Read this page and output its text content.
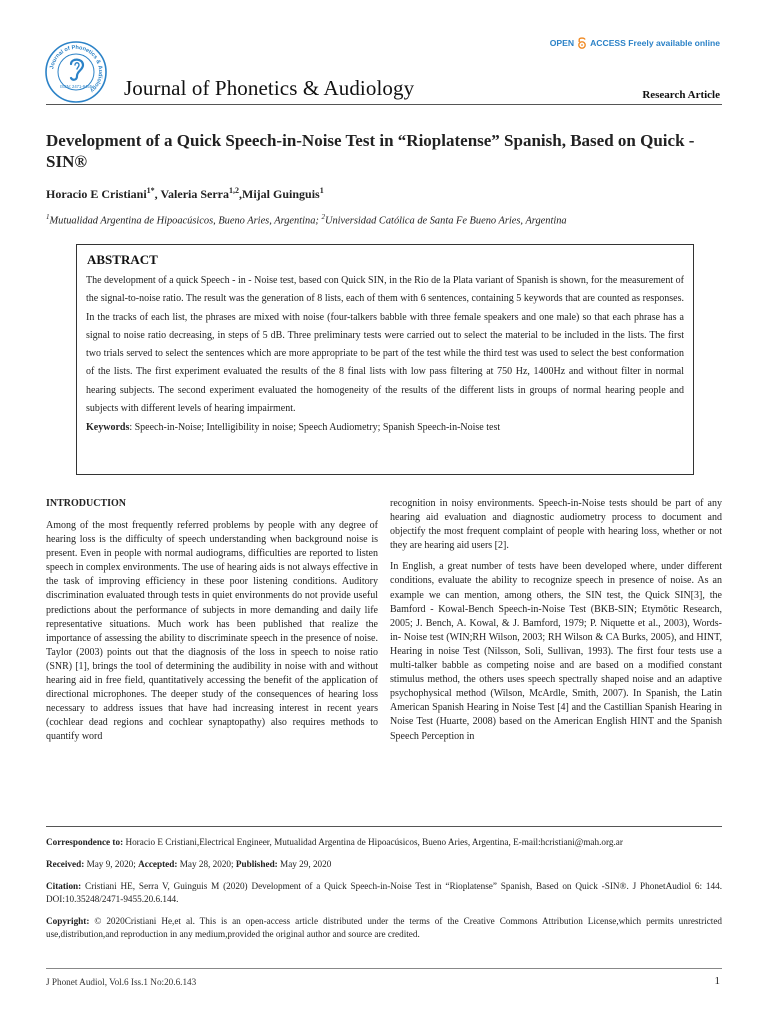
Journal of Phonetics & Audiology
ISSN: 2471-9455 Journal of Phonetics & Audiology
OPEN ACCESS Freely available online
Research Article
Development of a Quick Speech-in-Noise Test in “Rioplatense” Spanish, Based on Quick -SIN®
Horacio E Cristiani$^{1*}$, Valeria Serra$^{1,2}$,Mijal Guinguis$^1$
$^1$Mutualidad Argentina de Hipoacúsicos, Bueno Aries, Argentina; $^2$Universidad Católica de Santa Fe Bueno Aries, Argentina
ABSTRACT

The development of a quick Speech - in - Noise test, based con Quick SIN, in the Rio de la Plata variant of Spanish is shown, for the measurement of the signal-to-noise ratio. The result was the generation of 8 lists, each of them with 6 sentences, containing 5 keywords that are counted as responses. In the tracks of each list, the phrases are mixed with noise (four-talkers babble with three female speakers and one male) so that each phrase has a signal to noise ratio decreasing, in steps of 5 dB. Three preliminary tests were carried out to select the material to be included in the lists. The first two trials served to select the sentences which are more appropriate to be part of the test while the third test was used to select the best conformation of the lists. The first experiment evaluated the results of the 8 final lists with low pass filtering at 750 Hz, 1400Hz and without filter in normal hearing subjects. The second experiment evaluated the homogeneity of the results of the different lists in groups of normal hearing people and subjects with different levels of hearing impairment.

Keywords: Speech-in-Noise; Intelligibility in noise; Speech Audiometry; Spanish Speech-in-Noise test

INTRODUCTION

Among of the most frequently referred problems by people with any degree of hearing loss is the difficulty of speech understanding when background noise is present. Even in people with normal audiograms, difficulties are reported to listen speech in complex environments. The use of hearing aids is not always effective in the task of improving efficiency in these poor listening conditions. Auditory discrimination evaluated through tests in quiet environments do not provide useful predictions about the performance of subjects in more demanding and daily life representative situations. Much work has been published that realize the importance of assessing the ability to discriminate speech in the presence of noise. Taylor (2003) points out that the diagnosis of the loss in speech to noise ratio (SNR) [1], brings the tool of determining the audibility in noise with and without hearing aid in free field, quantitatively accessing the benefit of the application of directional microphones. The deeper study of the consequences of hearing loss necessary to address issues that have had increasing interest in recent years (cochlear dead regions and cochlear synaptopathy) also requires methods to quantify word

recognition in noisy environments. Speech-in-Noise tests should be part of any hearing aid evaluation and diagnostic audiometry process to document and objectify the most frequent complaint of people with hearing loss, whether or not they are hearing aid users [2].

In English, a great number of tests have been developed where, under different conditions, evaluate the ability to recognize speech in presence of noise. As an example we can mention, among others, the SIN test, the Quick SIN[3], the Bamford - Kowal-Bench Speech-in-Noise Test (BKB-SIN; Etymōtic Research, 2005; J. Bench, A. Kowal, & J. Bamford, 1979; P. Niquette et al., 2003), Words-in- Noise test (WIN;RH Wilson, 2003; RH Wilson & CA Burks, 2005), and HINT, Hearing in noise Test (Nilsson, Soli, Sullivan, 1993). The first four tests use a multi-talker babble as competing noise and are based on a modified constant stimulus method, the others uses speech spectrally shaped noise and an adaptive psychophysical method (Wilson, McArdle, Smith, 2007). In Spanish, the Latin American Spanish Hearing in Noise Test [4] and the Castillian Spanish Hearing in Noise Test (Huarte, 2008) based on the American English HINT and the Spanish Speech Perception in

Correspondence to: Horacio E Cristiani,Electrical Engineer, Mutualidad Argentina de Hipoacúsicos, Bueno Aries, Argentina, E-mail:hcristiani@mah.org.ar

Received: May 9, 2020; Accepted: May 28, 2020; Published: May 29, 2020

Citation: Cristiani HE, Serra V, Guinguis M (2020) Development of a Quick Speech-in-Noise Test in “Rioplatense” Spanish, Based on Quick -SIN®. J PhonetAudiol 6: 144. DOI:10.35248/2471-9455.20.6.144.

Copyright: © 2020Cristiani He,et al. This is an open-access article distributed under the terms of the Creative Commons Attribution License,which permits unrestricted use,distribution,and reproduction in any medium,provided the original author and source are credited.

J Phonet Audiol, Vol.6 Iss.1 No:20.6.143	1
